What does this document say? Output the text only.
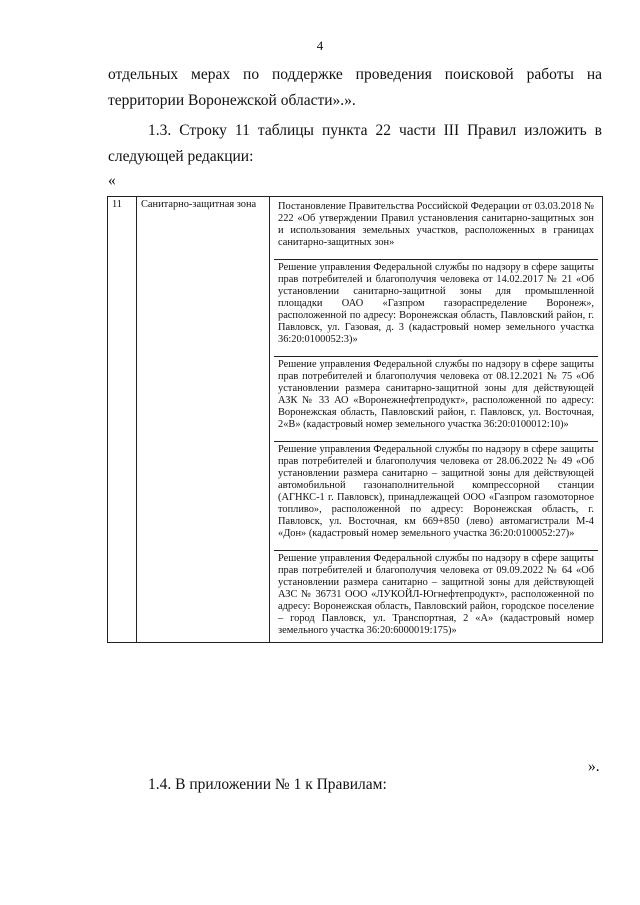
4
отдельных мерах по поддержке проведения поисковой работы на
территории Воронежской области».».
1.3. Строку 11 таблицы пункта 22 части III Правил изложить в следующей редакции:
«
11	Санитарно-защитная зона	Постановление Правительства Российской Федерации от 03.03.2018 № 222 «Об утверждении Правил установления санитарно-защитных зон и использования земельных участков, расположенных в границах санитарно-защитных зон»
Решение управления Федеральной службы по надзору в сфере защиты прав потребителей и благополучия человека от 14.02.2017 № 21 «Об установлении санитарно-защитной зоны для промышленной площадки ОАО «Газпром газораспределение Воронеж», расположенной по адресу: Воронежская область, Павловский район, г. Павловск, ул. Газовая, д. 3 (кадастровый номер земельного участка 36:20:0100052:3)»
Решение управления Федеральной службы по надзору в сфере защиты прав потребителей и благополучия человека от 08.12.2021 № 75 «Об установлении размера санитарно-защитной зоны для действующей АЗК № 33 АО «Воронежнефтепродукт», расположенной по адресу: Воронежская область, Павловский район, г. Павловск, ул. Восточная, 2«В» (кадастровый номер земельного участка 36:20:0100012:10)»
Решение управления Федеральной службы по надзору в сфере защиты прав потребителей и благополучия человека от 28.06.2022 № 49 «Об установлении размера санитарно – защитной зоны для действующей автомобильной газонаполнительной компрессорной станции (АГНКС-1 г. Павловск), принадлежащей ООО «Газпром газомоторное топливо», расположенной по адресу: Воронежская область, г. Павловск, ул. Восточная, км 669+850 (лево) автомагистрали М-4 «Дон» (кадастровый номер земельного участка 36:20:0100052:27)»
Решение управления Федеральной службы по надзору в сфере защиты прав потребителей и благополучия человека от 09.09.2022 № 64 «Об установлении размера санитарно – защитной зоны для действующей АЗС № 36731 ООО «ЛУКОЙЛ-Югнефтепродукт», расположенной по адресу: Воронежская область, Павловский район, городское поселение – город Павловск, ул. Транспортная, 2 «А» (кадастровый номер земельного участка 36:20:6000019:175)»
».
1.4. В приложении № 1 к Правилам:
